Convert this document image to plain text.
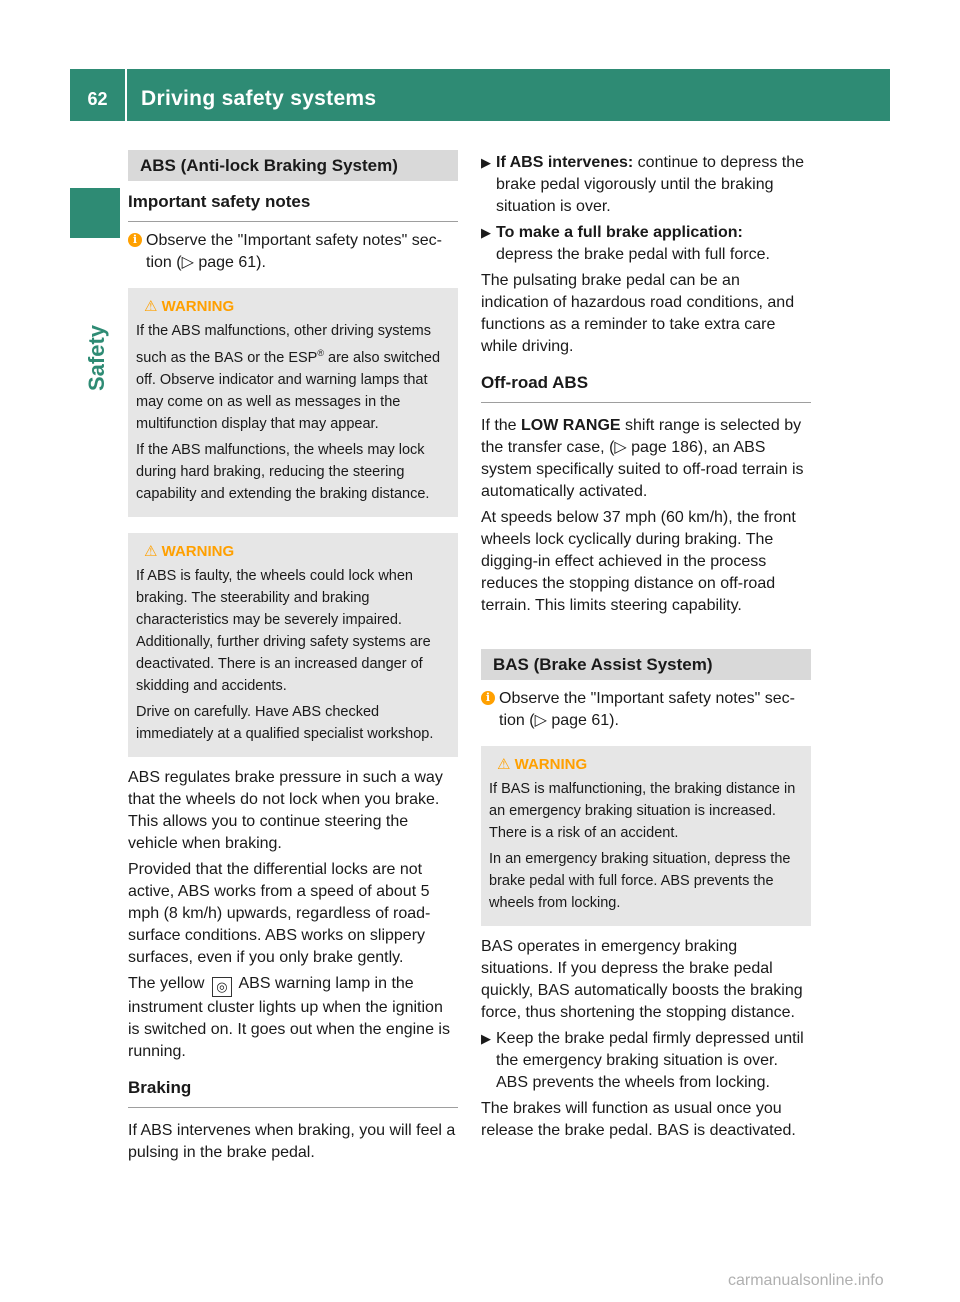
62	Driving safety systems
Safety
ABS (Anti-lock Braking System)
Important safety notes
i Observe the "Important safety notes" sec-
tion (▷ page 61).
⚠ WARNING

If the ABS malfunctions, other driving systems such as the BAS or the ESP® are also switched off. Observe indicator and warning lamps that may come on as well as messages in the multifunction display that may appear.

If the ABS malfunctions, the wheels may lock during hard braking, reducing the steering capability and extending the braking distance.

⚠ WARNING

If ABS is faulty, the wheels could lock when braking. The steerability and braking characteristics may be severely impaired. Additionally, further driving safety systems are deactivated. There is an increased danger of skidding and accidents.

Drive on carefully. Have ABS checked immediately at a qualified specialist workshop.

ABS regulates brake pressure in such a way that the wheels do not lock when you brake. This allows you to continue steering the vehicle when braking.

Provided that the differential locks are not active, ABS works from a speed of about 5 mph (8 km/h) upwards, regardless of road-surface conditions. ABS works on slippery surfaces, even if you only brake gently.

The yellow ◎ ABS warning lamp in the instrument cluster lights up when the ignition is switched on. It goes out when the engine is running.

Braking

If ABS intervenes when braking, you will feel a pulsing in the brake pedal.

▶ If ABS intervenes: continue to depress the brake pedal vigorously until the braking situation is over.
▶ To make a full brake application:
depress the brake pedal with full force.

The pulsating brake pedal can be an indication of hazardous road conditions, and functions as a reminder to take extra care while driving.

Off-road ABS

If the LOW RANGE shift range is selected by the transfer case, (▷ page 186), an ABS system specifically suited to off-road terrain is automatically activated.

At speeds below 37 mph (60 km/h), the front wheels lock cyclically during braking. The digging-in effect achieved in the process reduces the stopping distance on off-road terrain. This limits steering capability.

BAS (Brake Assist System)
i Observe the "Important safety notes" sec-
tion (▷ page 61).
⚠ WARNING

If BAS is malfunctioning, the braking distance in an emergency braking situation is increased. There is a risk of an accident.

In an emergency braking situation, depress the brake pedal with full force. ABS prevents the wheels from locking.

BAS operates in emergency braking situations. If you depress the brake pedal quickly, BAS automatically boosts the braking force, thus shortening the stopping distance.

▶ Keep the brake pedal firmly depressed until the emergency braking situation is over. ABS prevents the wheels from locking.

The brakes will function as usual once you release the brake pedal. BAS is deactivated.

carmanualsonline.info
